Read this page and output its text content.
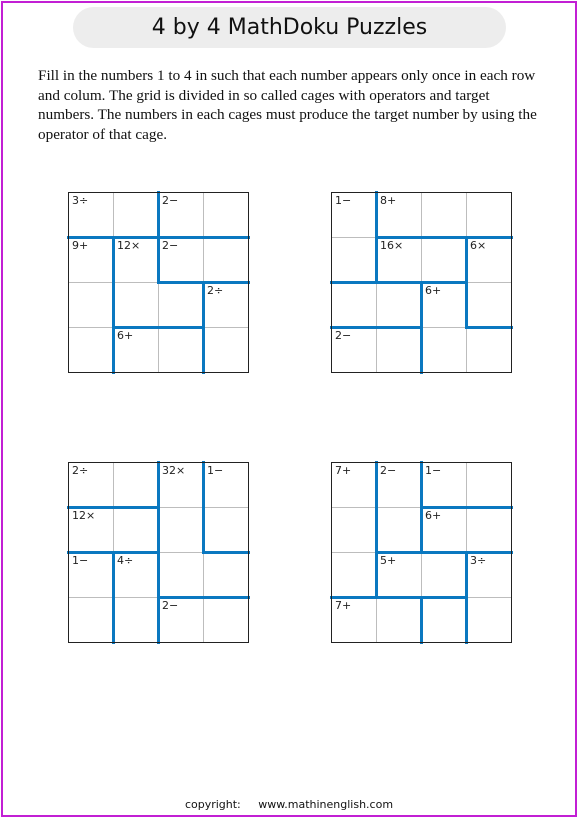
4 by 4 MathDoku Puzzles

Fill in the numbers 1 to 4 in such that each number appears only once in each row and colum. The grid is divided in so called cages with operators and target numbers. The numbers in each cages must produce the target number by using the operator of that cage.

3÷	2−
9+	12× 2−
2÷
6+
1−	8+
16×	6×
6+
2−
2÷	32× 1−
12×
1−	4÷
2−
7+	2−	1−
6+
5+	3÷
7+
copyright: www.mathinenglish.com
